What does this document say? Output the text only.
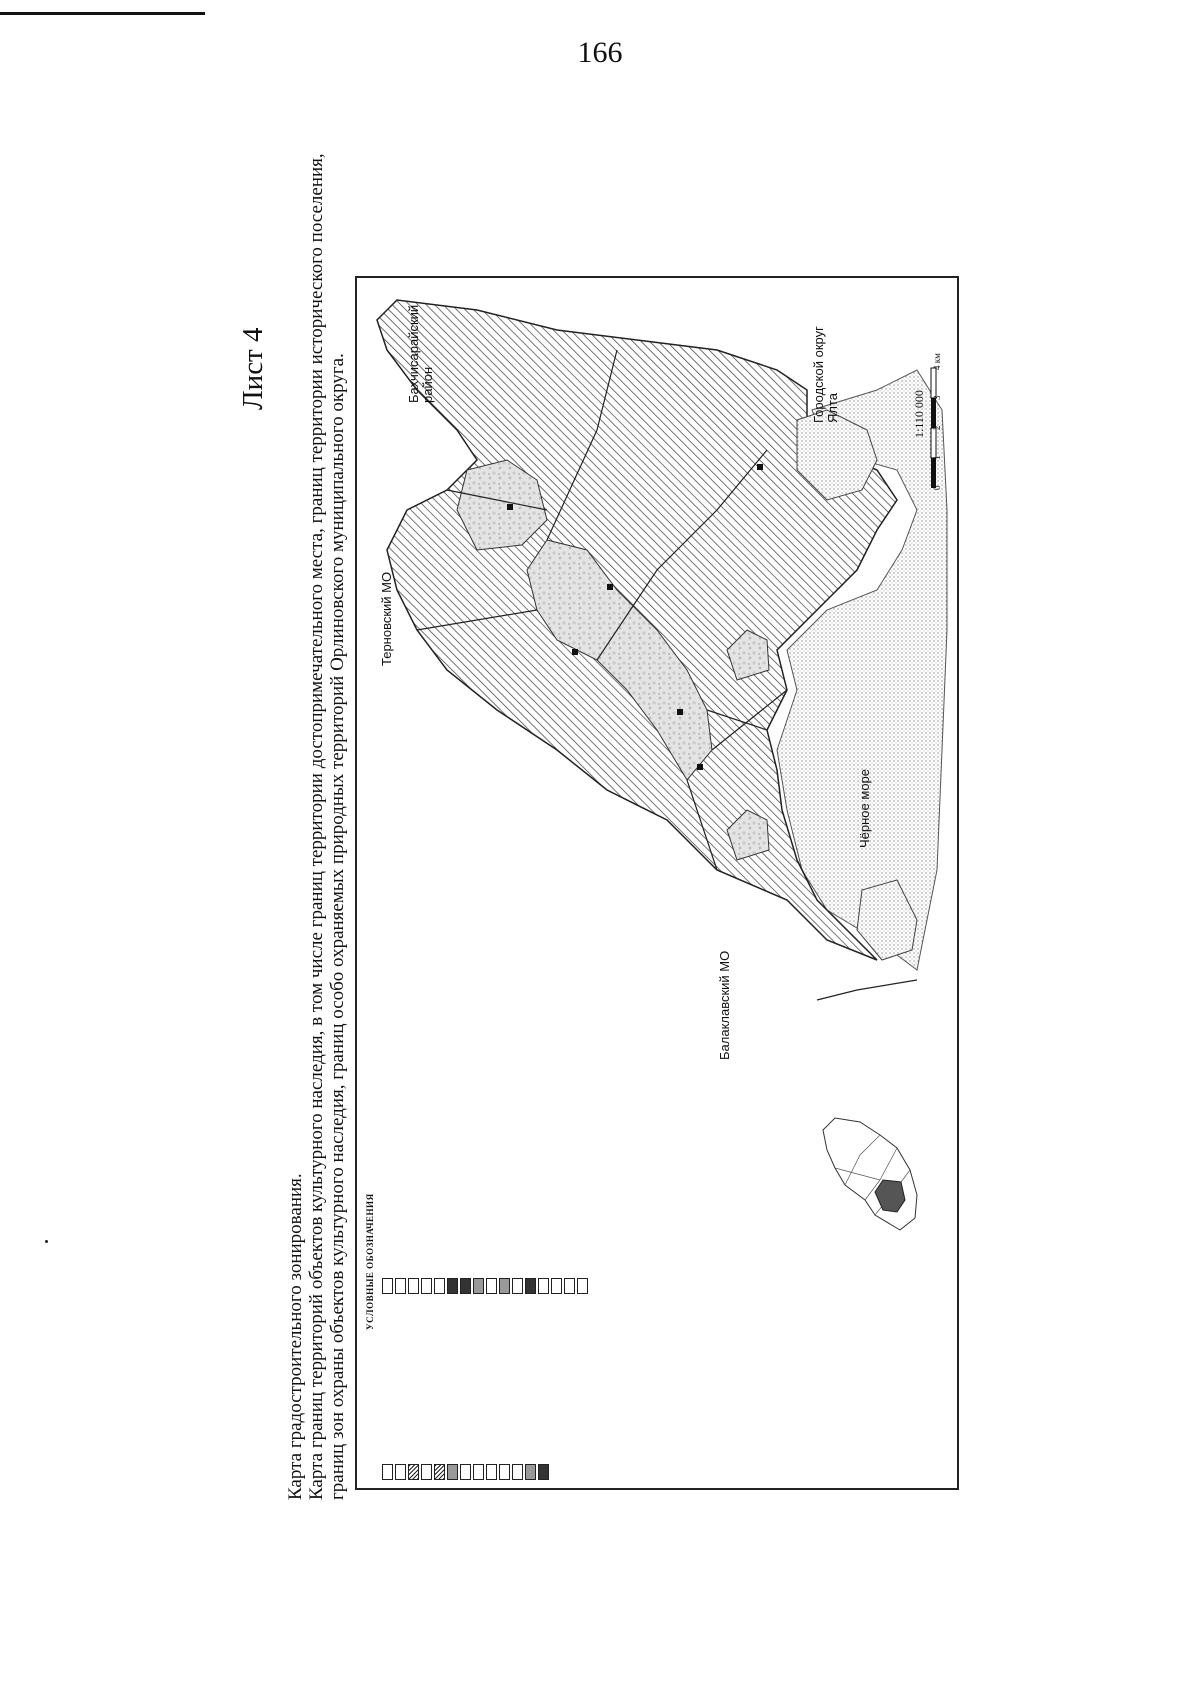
166
Карта градостроительного зонирования. Карта границ территорий объектов культурного наследия, в том числе границ территории достопримечательного места, границ территории исторического поселения, границ зон охраны объектов культурного наследия, границ особо охраняемых природных территорий Орлиновского муниципального округа.
Лист 4
УСЛОВНЫЕ ОБОЗНАЧЕНИЯ

Балаклавский МО
Терновский МО
Бахчисарайский район	Городской округ Ялта
Чёрное море
1:110 000
0
1
2
3
4 км
